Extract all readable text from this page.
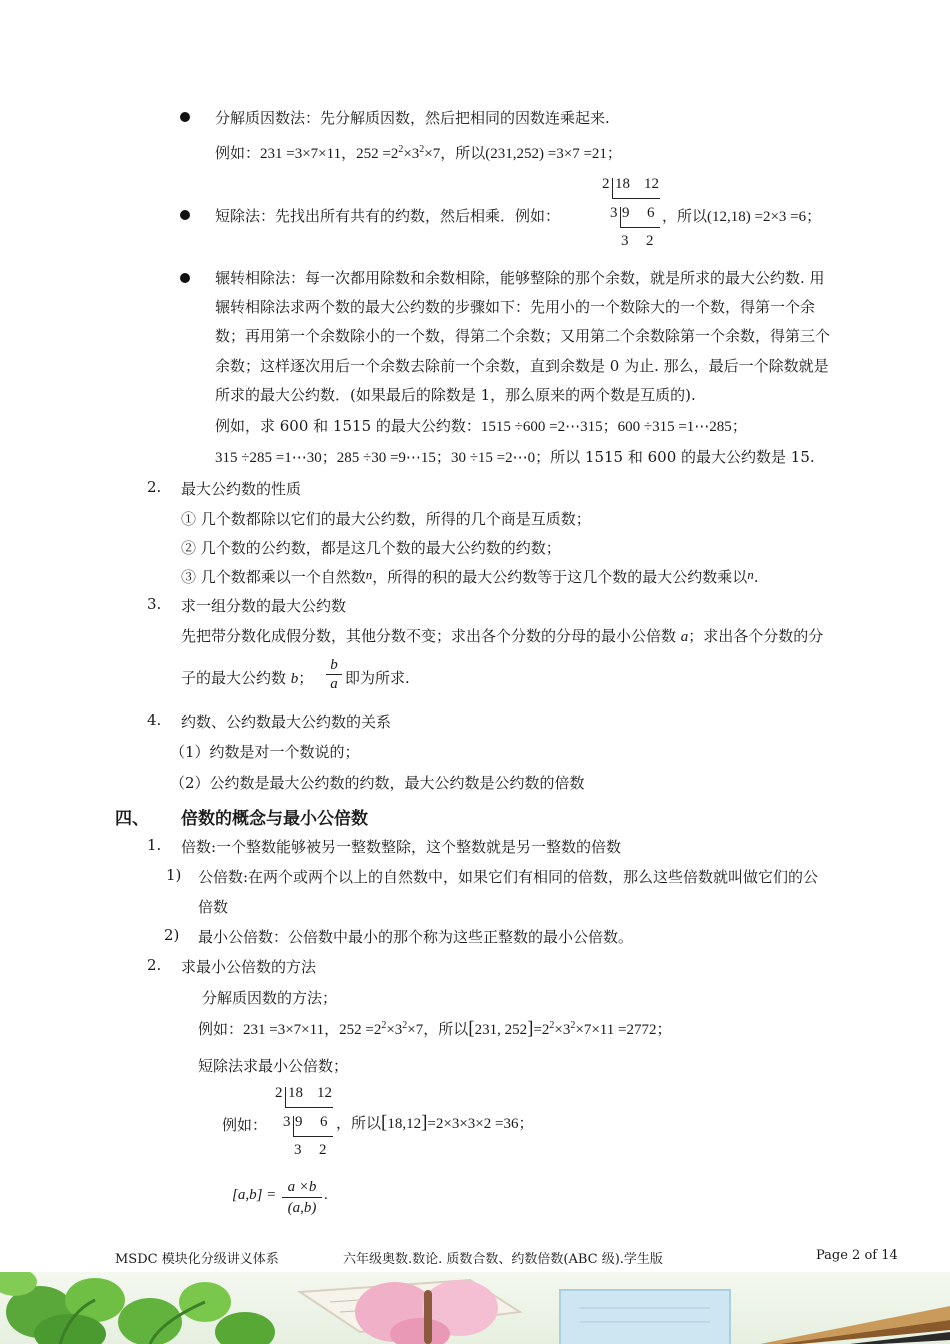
分解质因数法：先分解质因数，然后把相同的因数连乘起来.
例如：231 =3×7×11，$252 =2^2\times 3^2\times 7$，所以(231,252) =3×7 =21；
2 18 12
3 9 6
3 2
短除法：先找出所有共有的约数，然后相乘．例如：	，所以(12,18) =2×3 =6；
辗转相除法：每一次都用除数和余数相除，能够整除的那个余数，就是所求的最大公约数. 用
辗转相除法求两个数的最大公约数的步骤如下：先用小的一个数除大的一个数，得第一个余
数；再用第一个余数除小的一个数，得第二个余数；又用第二个余数除第一个余数，得第三个
余数；这样逐次用后一个余数去除前一个余数，直到余数是 0 为止. 那么，最后一个除数就是
所求的最大公约数．(如果最后的除数是 1，那么原来的两个数是互质的).
例如，求 600 和 1515 的最大公约数：1515 ÷600 =2⋯315；600 ÷315 =1⋯285；
315 ÷285 =1⋯30；285 ÷30 =9⋯15；30 ÷15 =2⋯0；所以 1515 和 600 的最大公约数是 15.
2. 最大公约数的性质
① 几个数都除以它们的最大公约数，所得的几个商是互质数；
② 几个数的公约数，都是这几个数的最大公约数的约数；
③ 几个数都乘以一个自然数n，所得的积的最大公约数等于这几个数的最大公约数乘以n.
3. 求一组分数的最大公约数
先把带分数化成假分数，其他分数不变；求出各个分数的分母的最小公倍数 a；求出各个分数的分
子的最大公约数 b； $\frac{b}{a}$ 即为所求.
4. 约数、公约数最大公约数的关系
（1）约数是对一个数说的；
（2）公约数是最大公约数的约数，最大公约数是公约数的倍数
四、 倍数的概念与最小公倍数
1. 倍数:一个整数能够被另一整数整除，这个整数就是另一整数的倍数
1) 公倍数:在两个或两个以上的自然数中，如果它们有相同的倍数，那么这些倍数就叫做它们的公
倍数
2) 最小公倍数：公倍数中最小的那个称为这些正整数的最小公倍数。
2. 求最小公倍数的方法
分解质因数的方法；
例如：231 =3×7×11，$252 =2^2\times 3^2\times 7$，所以[231, $252]=2^2\times 3^2\times 7\times 11 =2772$；
短除法求最小公倍数；
2 18 12
3 9 6
3 2
例如：	，所以[18,12]=2×3×3×2 =36；
$[a,b] = \frac{a \times b}{(a,b)}$ .
MSDC 模块化分级讲义体系	六年级奥数.数论. 质数合数、约数倍数(ABC 级).学生版	Page 2 of 14
